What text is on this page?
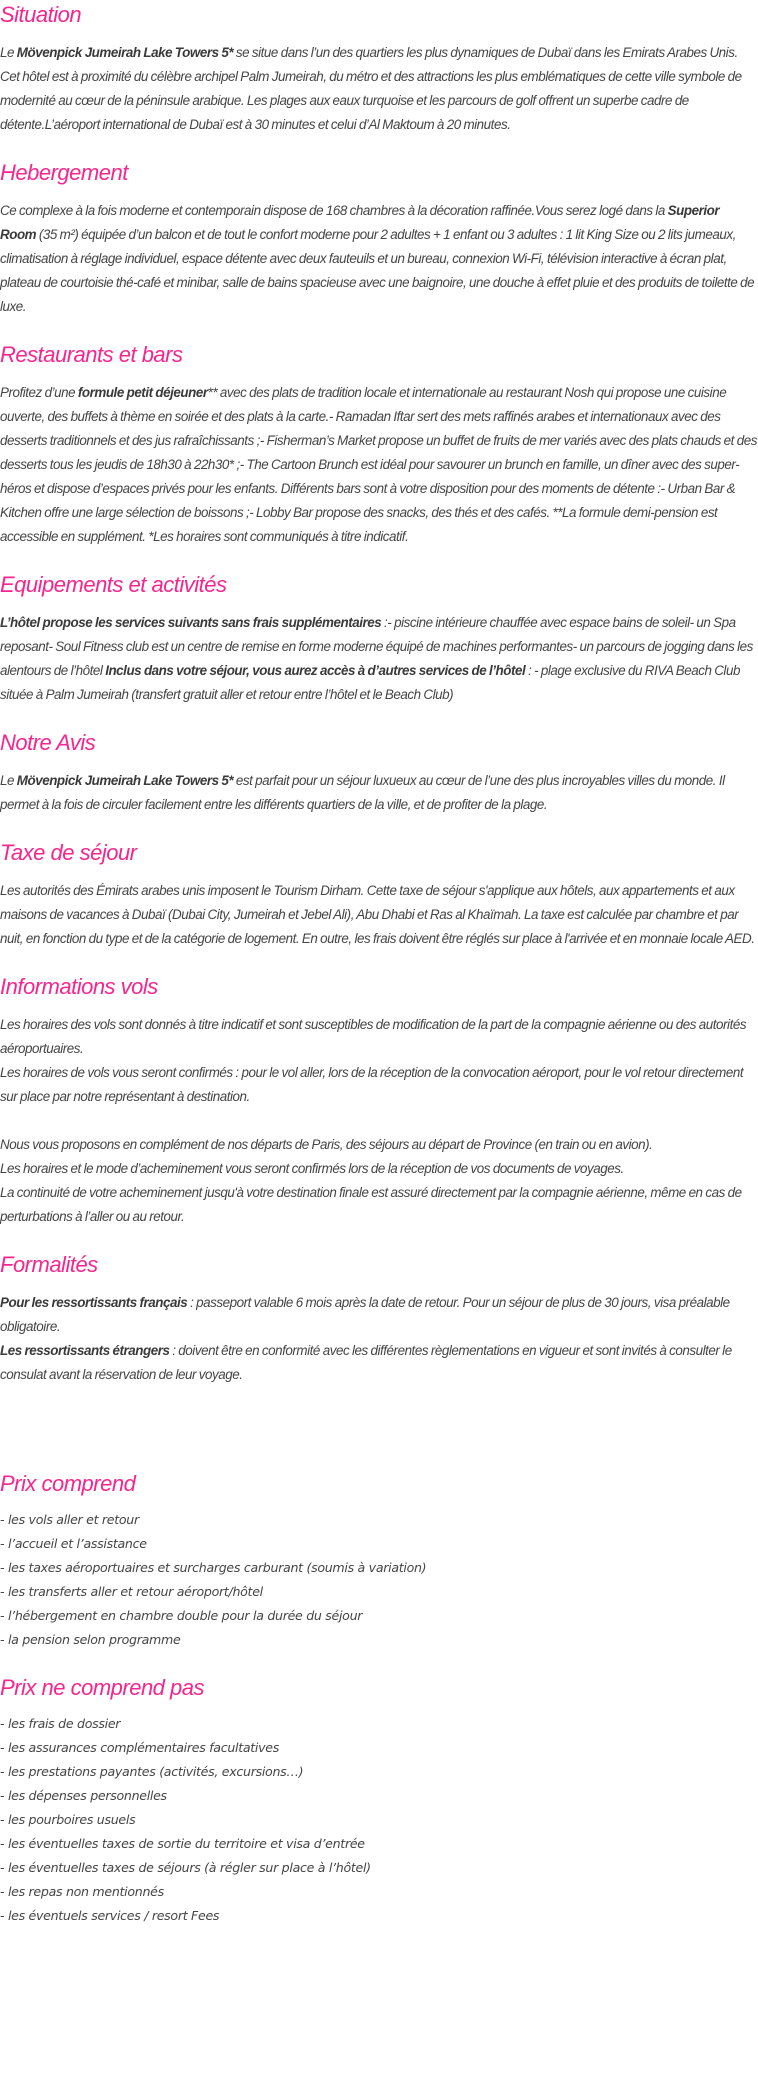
Situation

Le Mövenpick Jumeirah Lake Towers 5* se situe dans l’un des quartiers les plus dynamiques de Dubaï dans les Emirats Arabes Unis. Cet hôtel est à proximité du célèbre archipel Palm Jumeirah, du métro et des attractions les plus emblématiques de cette ville symbole de modernité au cœur de la péninsule arabique. Les plages aux eaux turquoise et les parcours de golf offrent un superbe cadre de détente.L’aéroport international de Dubaï est à 30 minutes et celui d’Al Maktoum à 20 minutes.

Hebergement

Ce complexe à la fois moderne et contemporain dispose de 168 chambres à la décoration raffinée.Vous serez logé dans la Superior Room (35 m²) équipée d’un balcon et de tout le confort moderne pour 2 adultes + 1 enfant ou 3 adultes : 1 lit King Size ou 2 lits jumeaux, climatisation à réglage individuel, espace détente avec deux fauteuils et un bureau, connexion Wi-Fi, télévision interactive à écran plat, plateau de courtoisie thé-café et minibar, salle de bains spacieuse avec une baignoire, une douche à effet pluie et des produits de toilette de luxe.

Restaurants et bars

Profitez d’une formule petit déjeuner** avec des plats de tradition locale et internationale au restaurant Nosh qui propose une cuisine ouverte, des buffets à thème en soirée et des plats à la carte.- Ramadan Iftar sert des mets raffinés arabes et internationaux avec des desserts traditionnels et des jus rafraîchissants ;- Fisherman’s Market propose un buffet de fruits de mer variés avec des plats chauds et des desserts tous les jeudis de 18h30 à 22h30* ;- The Cartoon Brunch est idéal pour savourer un brunch en famille, un dîner avec des super-héros et dispose d’espaces privés pour les enfants. Différents bars sont à votre disposition pour des moments de détente :- Urban Bar & Kitchen offre une large sélection de boissons ;- Lobby Bar propose des snacks, des thés et des cafés. **La formule demi-pension est accessible en supplément. *Les horaires sont communiqués à titre indicatif.

Equipements et activités

L’hôtel propose les services suivants sans frais supplémentaires :- piscine intérieure chauffée avec espace bains de soleil- un Spa reposant- Soul Fitness club est un centre de remise en forme moderne équipé de machines performantes- un parcours de jogging dans les alentours de l’hôtel Inclus dans votre séjour, vous aurez accès à d’autres services de l’hôtel : - plage exclusive du RIVA Beach Club située à Palm Jumeirah (transfert gratuit aller et retour entre l’hôtel et le Beach Club)

Notre Avis

Le Mövenpick Jumeirah Lake Towers 5* est parfait pour un séjour luxueux au cœur de l’une des plus incroyables villes du monde. Il permet à la fois de circuler facilement entre les différents quartiers de la ville, et de profiter de la plage.

Taxe de séjour

Les autorités des Émirats arabes unis imposent le Tourism Dirham. Cette taxe de séjour s'applique aux hôtels, aux appartements et aux maisons de vacances à Dubaï (Dubai City, Jumeirah et Jebel Ali), Abu Dhabi et Ras al Khaïmah. La taxe est calculée par chambre et par nuit, en fonction du type et de la catégorie de logement. En outre, les frais doivent être réglés sur place à l'arrivée et en monnaie locale AED.

Informations vols

Les horaires des vols sont donnés à titre indicatif et sont susceptibles de modification de la part de la compagnie aérienne ou des autorités aéroportuaires.

Les horaires de vols vous seront confirmés : pour le vol aller, lors de la réception de la convocation aéroport, pour le vol retour directement sur place par notre représentant à destination.

Nous vous proposons en complément de nos départs de Paris, des séjours au départ de Province (en train ou en avion).

Les horaires et le mode d’acheminement vous seront confirmés lors de la réception de vos documents de voyages.

La continuité de votre acheminement jusqu'à votre destination finale est assuré directement par la compagnie aérienne, même en cas de perturbations à l’aller ou au retour.

Formalités

Pour les ressortissants français : passeport valable 6 mois après la date de retour. Pour un séjour de plus de 30 jours, visa préalable obligatoire.

Les ressortissants étrangers : doivent être en conformité avec les différentes règlementations en vigueur et sont invités à consulter le consulat avant la réservation de leur voyage.

Prix comprend
- les vols aller et retour
- l’accueil et l’assistance
- les taxes aéroportuaires et surcharges carburant (soumis à variation)
- les transferts aller et retour aéroport/hôtel
- l’hébergement en chambre double pour la durée du séjour
- la pension selon programme
Prix ne comprend pas
- les frais de dossier
- les assurances complémentaires facultatives
- les prestations payantes (activités, excursions…)
- les dépenses personnelles
- les pourboires usuels
- les éventuelles taxes de sortie du territoire et visa d’entrée
- les éventuelles taxes de séjours (à régler sur place à l’hôtel)
- les repas non mentionnés
- les éventuels services / resort Fees
